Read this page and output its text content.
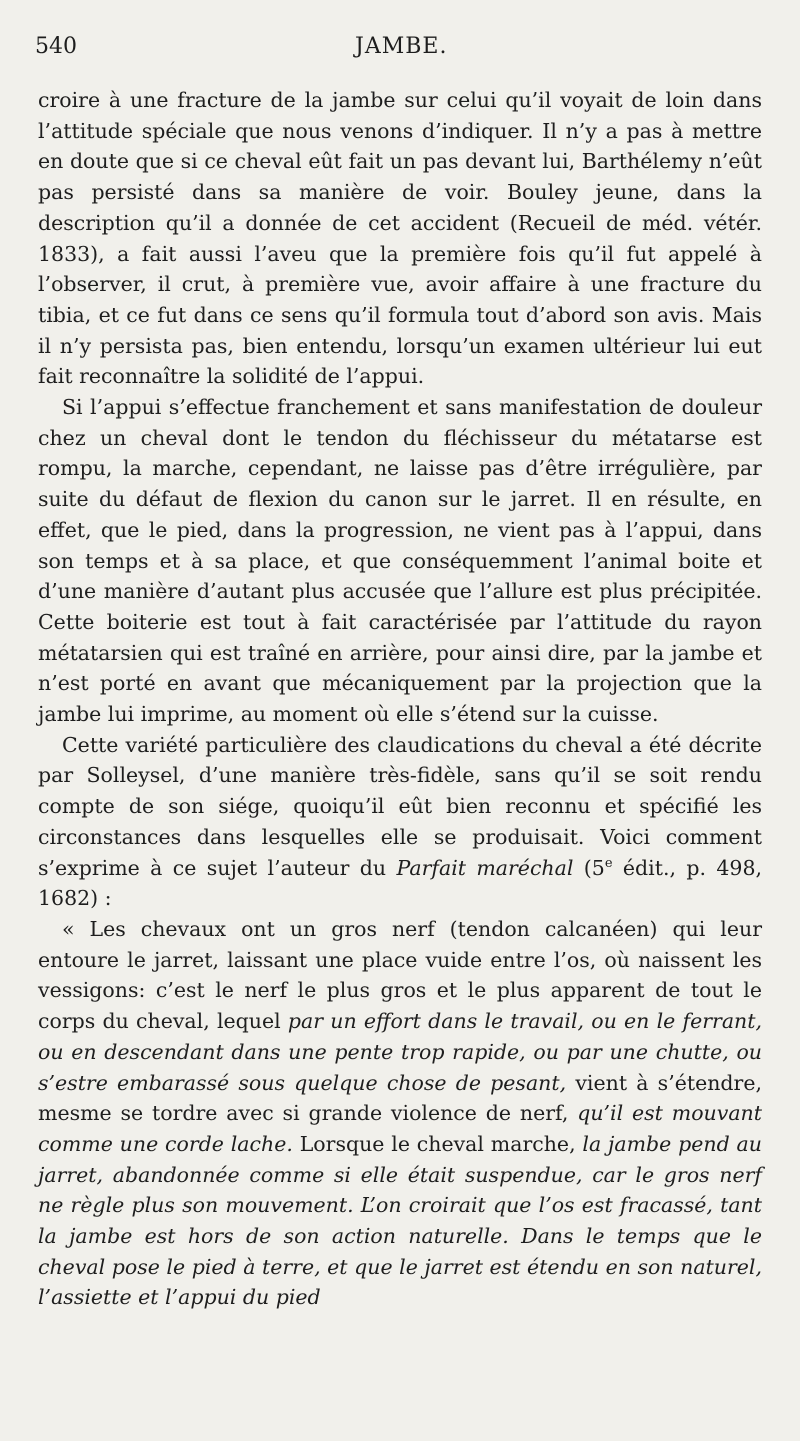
540	JAMBE.

croire à une fracture de la jambe sur celui qu’il voyait de loin dans l’attitude spéciale que nous venons d’indiquer. Il n’y a pas à mettre en doute que si ce cheval eût fait un pas devant lui, Barthélemy n’eût pas persisté dans sa manière de voir. Bouley jeune, dans la description qu’il a donnée de cet accident (Recueil de méd. vétér. 1833), a fait aussi l’aveu que la première fois qu’il fut appelé à l’observer, il crut, à première vue, avoir affaire à une fracture du tibia, et ce fut dans ce sens qu’il formula tout d’abord son avis. Mais il n’y persista pas, bien entendu, lorsqu’un examen ultérieur lui eut fait reconnaître la solidité de l’appui.

Si l’appui s’effectue franchement et sans manifestation de douleur chez un cheval dont le tendon du fléchisseur du métatarse est rompu, la marche, cependant, ne laisse pas d’être irrégulière, par suite du défaut de flexion du canon sur le jarret. Il en résulte, en effet, que le pied, dans la progression, ne vient pas à l’appui, dans son temps et à sa place, et que conséquemment l’animal boite et d’une manière d’autant plus accusée que l’allure est plus précipitée. Cette boiterie est tout à fait caractérisée par l’attitude du rayon métatarsien qui est traîné en arrière, pour ainsi dire, par la jambe et n’est porté en avant que mécaniquement par la projection que la jambe lui imprime, au moment où elle s’étend sur la cuisse.

Cette variété particulière des claudications du cheval a été décrite par Solleysel, d’une manière très-fidèle, sans qu’il se soit rendu compte de son siége, quoiqu’il eût bien reconnu et spécifié les circonstances dans lesquelles elle se produisait. Voici comment s’exprime à ce sujet l’auteur du Parfait maréchal (5e édit., p. 498, 1682) :

« Les chevaux ont un gros nerf (tendon calcanéen) qui leur entoure le jarret, laissant une place vuide entre l’os, où naissent les vessigons: c’est le nerf le plus gros et le plus apparent de tout le corps du cheval, lequel par un effort dans le travail, ou en le ferrant, ou en descendant dans une pente trop rapide, ou par une chutte, ou s’estre embarassé sous quelque chose de pesant, vient à s’étendre, mesme se tordre avec si grande violence de nerf, qu’il est mouvant comme une corde lache. Lorsque le cheval marche, la jambe pend au jarret, abandonnée comme si elle était suspendue, car le gros nerf ne règle plus son mouvement. L’on croirait que l’os est fracassé, tant la jambe est hors de son action naturelle. Dans le temps que le cheval pose le pied à terre, et que le jarret est étendu en son naturel, l’assiette et l’appui du pied
